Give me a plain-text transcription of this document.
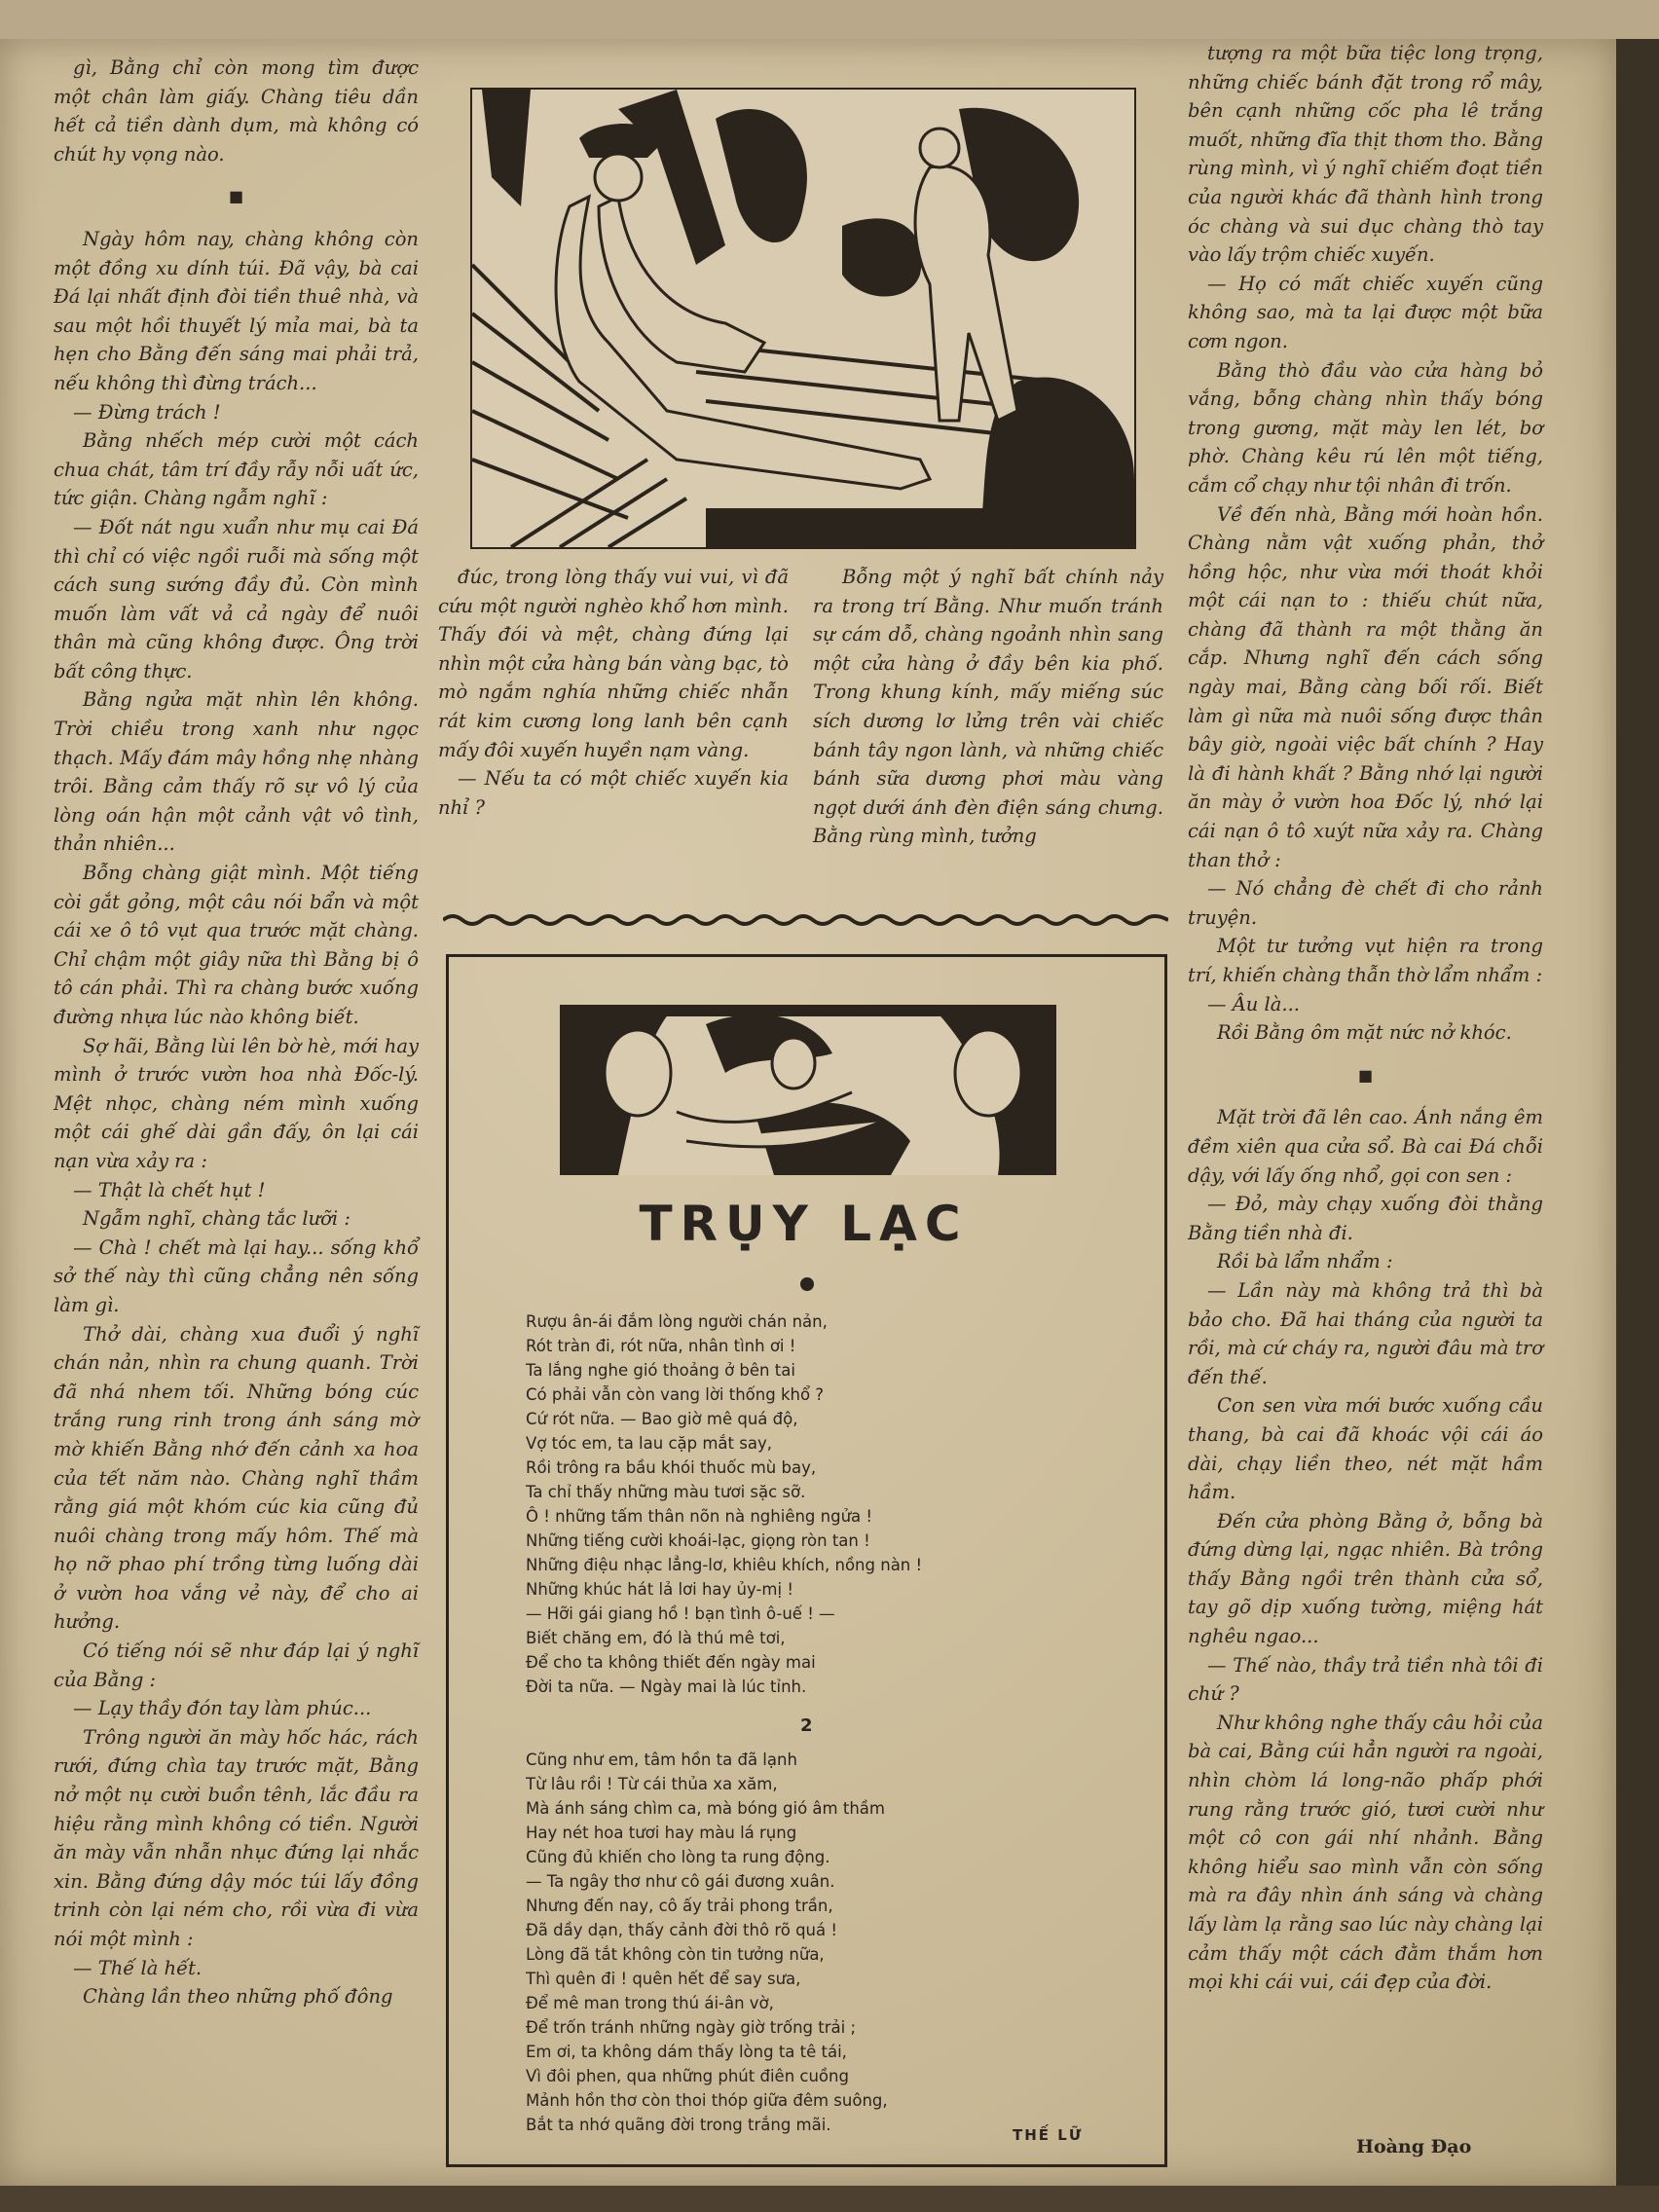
gì, Bằng chỉ còn mong tìm được một chân làm giấy. Chàng tiêu dần hết cả tiền dành dụm, mà không có chút hy vọng nào.

■

Ngày hôm nay, chàng không còn một đồng xu dính túi. Đã vậy, bà cai Đá lại nhất định đòi tiền thuê nhà, và sau một hồi thuyết lý mỉa mai, bà ta hẹn cho Bằng đến sáng mai phải trả, nếu không thì đừng trách...

— Đừng trách !

Bằng nhếch mép cười một cách chua chát, tâm trí đầy rẫy nỗi uất ức, tức giận. Chàng ngẫm nghĩ :

— Đốt nát ngu xuẩn như mụ cai Đá thì chỉ có việc ngồi ruỗi mà sống một cách sung sướng đầy đủ. Còn mình muốn làm vất vả cả ngày để nuôi thân mà cũng không được. Ông trời bất công thực.

Bằng ngửa mặt nhìn lên không. Trời chiều trong xanh như ngọc thạch. Mấy đám mây hồng nhẹ nhàng trôi. Bằng cảm thấy rõ sự vô lý của lòng oán hận một cảnh vật vô tình, thản nhiên...

Bỗng chàng giật mình. Một tiếng còi gắt gỏng, một câu nói bẩn và một cái xe ô tô vụt qua trước mặt chàng. Chỉ chậm một giây nữa thì Bằng bị ô tô cán phải. Thì ra chàng bước xuống đường nhựa lúc nào không biết.

Sợ hãi, Bằng lùi lên bờ hè, mới hay mình ở trước vườn hoa nhà Đốc-lý. Mệt nhọc, chàng ném mình xuống một cái ghế dài gần đấy, ôn lại cái nạn vừa xảy ra :

— Thật là chết hụt !

Ngẫm nghĩ, chàng tắc lưỡi :

— Chà ! chết mà lại hay... sống khổ sở thế này thì cũng chẳng nên sống làm gì.

Thở dài, chàng xua đuổi ý nghĩ chán nản, nhìn ra chung quanh. Trời đã nhá nhem tối. Những bóng cúc trắng rung rinh trong ánh sáng mờ mờ khiến Bằng nhớ đến cảnh xa hoa của tết năm nào. Chàng nghĩ thầm rằng giá một khóm cúc kia cũng đủ nuôi chàng trong mấy hôm. Thế mà họ nỡ phao phí trồng từng luống dài ở vườn hoa vắng vẻ này, để cho ai hưởng.

Có tiếng nói sẽ như đáp lại ý nghĩ của Bằng :

— Lạy thầy đón tay làm phúc...

Trông người ăn mày hốc hác, rách rưới, đứng chìa tay trước mặt, Bằng nở một nụ cười buồn tênh, lắc đầu ra hiệu rằng mình không có tiền. Người ăn mày vẫn nhẫn nhục đứng lại nhắc xin. Bằng đứng dậy móc túi lấy đồng trinh còn lại ném cho, rồi vừa đi vừa nói một mình :

— Thế là hết.

Chàng lần theo những phố đông

đúc, trong lòng thấy vui vui, vì đã cứu một người nghèo khổ hơn mình. Thấy đói và mệt, chàng đứng lại nhìn một cửa hàng bán vàng bạc, tò mò ngắm nghía những chiếc nhẫn rát kim cương long lanh bên cạnh mấy đôi xuyến huyền nạm vàng.

— Nếu ta có một chiếc xuyến kia nhỉ ?

Bỗng một ý nghĩ bất chính nảy ra trong trí Bằng. Như muốn tránh sự cám dỗ, chàng ngoảnh nhìn sang một cửa hàng ở đầy bên kia phố. Trong khung kính, mấy miếng súc sích dương lơ lửng trên vài chiếc bánh tây ngon lành, và những chiếc bánh sữa dương phơi màu vàng ngọt dưới ánh đèn điện sáng chưng. Bằng rùng mình, tưởng

tượng ra một bữa tiệc long trọng, những chiếc bánh đặt trong rổ mây, bên cạnh những cốc pha lê trắng muốt, những đĩa thịt thơm tho. Bằng rùng mình, vì ý nghĩ chiếm đoạt tiền của người khác đã thành hình trong óc chàng và sui dục chàng thò tay vào lấy trộm chiếc xuyến.

— Họ có mất chiếc xuyến cũng không sao, mà ta lại được một bữa cơm ngon.

Bằng thò đầu vào cửa hàng bỏ vắng, bỗng chàng nhìn thấy bóng trong gương, mặt mày len lét, bơ phờ. Chàng kêu rú lên một tiếng, cắm cổ chạy như tội nhân đi trốn.

Về đến nhà, Bằng mới hoàn hồn. Chàng nằm vật xuống phản, thở hồng hộc, như vừa mới thoát khỏi một cái nạn to : thiếu chút nữa, chàng đã thành ra một thằng ăn cắp. Nhưng nghĩ đến cách sống ngày mai, Bằng càng bối rối. Biết làm gì nữa mà nuôi sống được thân bây giờ, ngoài việc bất chính ? Hay là đi hành khất ? Bằng nhớ lại người ăn mày ở vườn hoa Đốc lý, nhớ lại cái nạn ô tô xuýt nữa xảy ra. Chàng than thở :

— Nó chẳng đè chết đi cho rảnh truyện.

Một tư tưởng vụt hiện ra trong trí, khiến chàng thẫn thờ lẩm nhẩm :

— Âu là...

Rồi Bằng ôm mặt nức nở khóc.

■

Mặt trời đã lên cao. Ánh nắng êm đềm xiên qua cửa sổ. Bà cai Đá chỗi dậy, với lấy ống nhổ, gọi con sen :

— Đỏ, mày chạy xuống đòi thằng Bằng tiền nhà đi.

Rồi bà lẩm nhẩm :

— Lần này mà không trả thì bà bảo cho. Đã hai tháng của người ta rồi, mà cứ cháy ra, người đâu mà trơ đến thế.

Con sen vừa mới bước xuống cầu thang, bà cai đã khoác vội cái áo dài, chạy liền theo, nét mặt hầm hầm.

Đến cửa phòng Bằng ở, bỗng bà đứng dừng lại, ngạc nhiên. Bà trông thấy Bằng ngồi trên thành cửa sổ, tay gõ dịp xuống tường, miệng hát nghêu ngao...

— Thế nào, thầy trả tiền nhà tôi đi chứ ?

Như không nghe thấy câu hỏi của bà cai, Bằng cúi hẳn người ra ngoài, nhìn chòm lá long-não phấp phới rung rằng trước gió, tươi cười như một cô con gái nhí nhảnh. Bằng không hiểu sao mình vẫn còn sống mà ra đây nhìn ánh sáng và chàng lấy làm lạ rằng sao lúc này chàng lại cảm thấy một cách đằm thắm hơn mọi khi cái vui, cái đẹp của đời.

TRỤY LẠC
Rượu ân-ái đắm lòng người chán nản,
Rót tràn đi, rót nữa, nhân tình ơi !
Ta lắng nghe gió thoảng ở bên tai
Có phải vẫn còn vang lời thống khổ ?
Cứ rót nữa. — Bao giờ mê quá độ,
Vợ tóc em, ta lau cặp mắt say,
Rồi trông ra bầu khói thuốc mù bay,
Ta chỉ thấy những màu tươi sặc sỡ.
Ô ! những tấm thân nõn nà nghiêng ngửa !
Những tiếng cười khoái-lạc, giọng ròn tan !
Những điệu nhạc lẳng-lơ, khiêu khích, nồng nàn !
Những khúc hát lả lơi hay ủy-mị !
— Hỡi gái giang hồ ! bạn tình ô-uế ! —
Biết chăng em, đó là thú mê tơi,
Để cho ta không thiết đến ngày mai
Đời ta nữa. — Ngày mai là lúc tỉnh.
2
Cũng như em, tâm hồn ta đã lạnh
Từ lâu rồi ! Từ cái thủa xa xăm,
Mà ánh sáng chìm ca, mà bóng gió âm thầm
Hay nét hoa tươi hay màu lá rụng
Cũng đủ khiến cho lòng ta rung động.
— Ta ngây thơ như cô gái đương xuân.
Nhưng đến nay, cô ấy trải phong trần,
Đã dầy dạn, thấy cảnh đời thô rõ quá !
Lòng đã tắt không còn tin tưởng nữa,
Thì quên đi ! quên hết để say sưa,
Để mê man trong thú ái-ân vờ,
Để trốn tránh những ngày giờ trống trải ;
Em ơi, ta không dám thấy lòng ta tê tái,
Vì đôi phen, qua những phút điên cuồng
Mảnh hồn thơ còn thoi thóp giữa đêm suông,
Bắt ta nhớ quãng đời trong trắng mãi.
THẾ LỮ
Hoàng Đạo
